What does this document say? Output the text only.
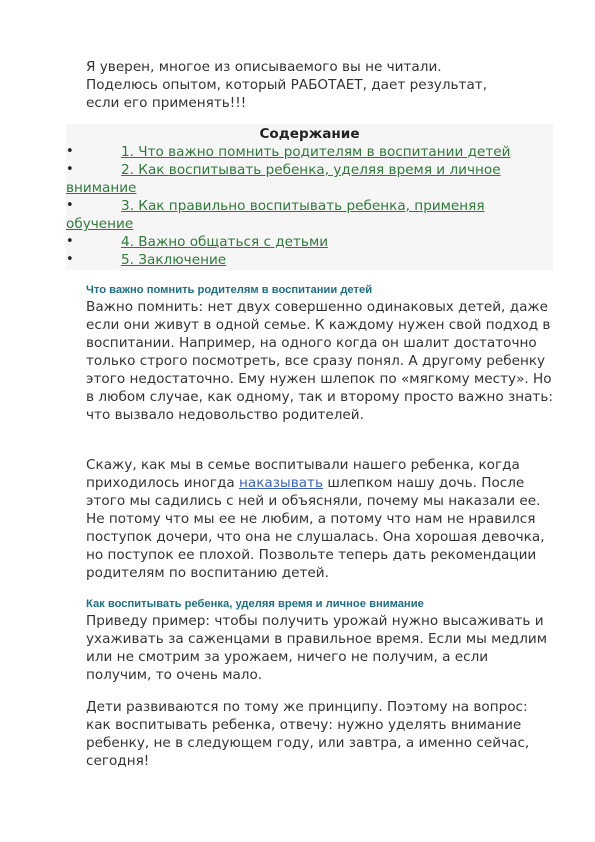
Я уверен, многое из описываемого вы не читали.
Поделюсь опытом, который РАБОТАЕТ, дает результат,
если его применять!!!
Содержание
•	1. Что важно помнить родителям в воспитании детей
•	2. Как воспитывать ребенка, уделяя время и личное внимание
•	3. Как правильно воспитывать ребенка, применяя обучение
•	4. Важно общаться с детьми
•	5. Заключение
Что важно помнить родителям в воспитании детей
Важно помнить: нет двух совершенно одинаковых детей, даже если они живут в одной семье. К каждому нужен свой подход в воспитании. Например, на одного когда он шалит достаточно только строго посмотреть, все сразу понял. А другому ребенку этого недостаточно. Ему нужен шлепок по «мягкому месту». Но в любом случае, как одному, так и второму просто важно знать: что вызвало недовольство родителей.
Скажу, как мы в семье воспитывали нашего ребенка, когда приходилось иногда наказывать шлепком нашу дочь. После этого мы садились с ней и объясняли, почему мы наказали ее. Не потому что мы ее не любим, а потому что нам не нравился поступок дочери, что она не слушалась. Она хорошая девочка, но поступок ее плохой. Позвольте теперь дать рекомендации родителям по воспитанию детей.
Как воспитывать ребенка, уделяя время и личное внимание
Приведу пример: чтобы получить урожай нужно высаживать и ухаживать за саженцами в правильное время. Если мы медлим или не смотрим за урожаем, ничего не получим, а если получим, то очень мало.
Дети развиваются по тому же принципу. Поэтому на вопрос: как воспитывать ребенка, отвечу: нужно уделять внимание ребенку, не в следующем году, или завтра, а именно сейчас, сегодня!
